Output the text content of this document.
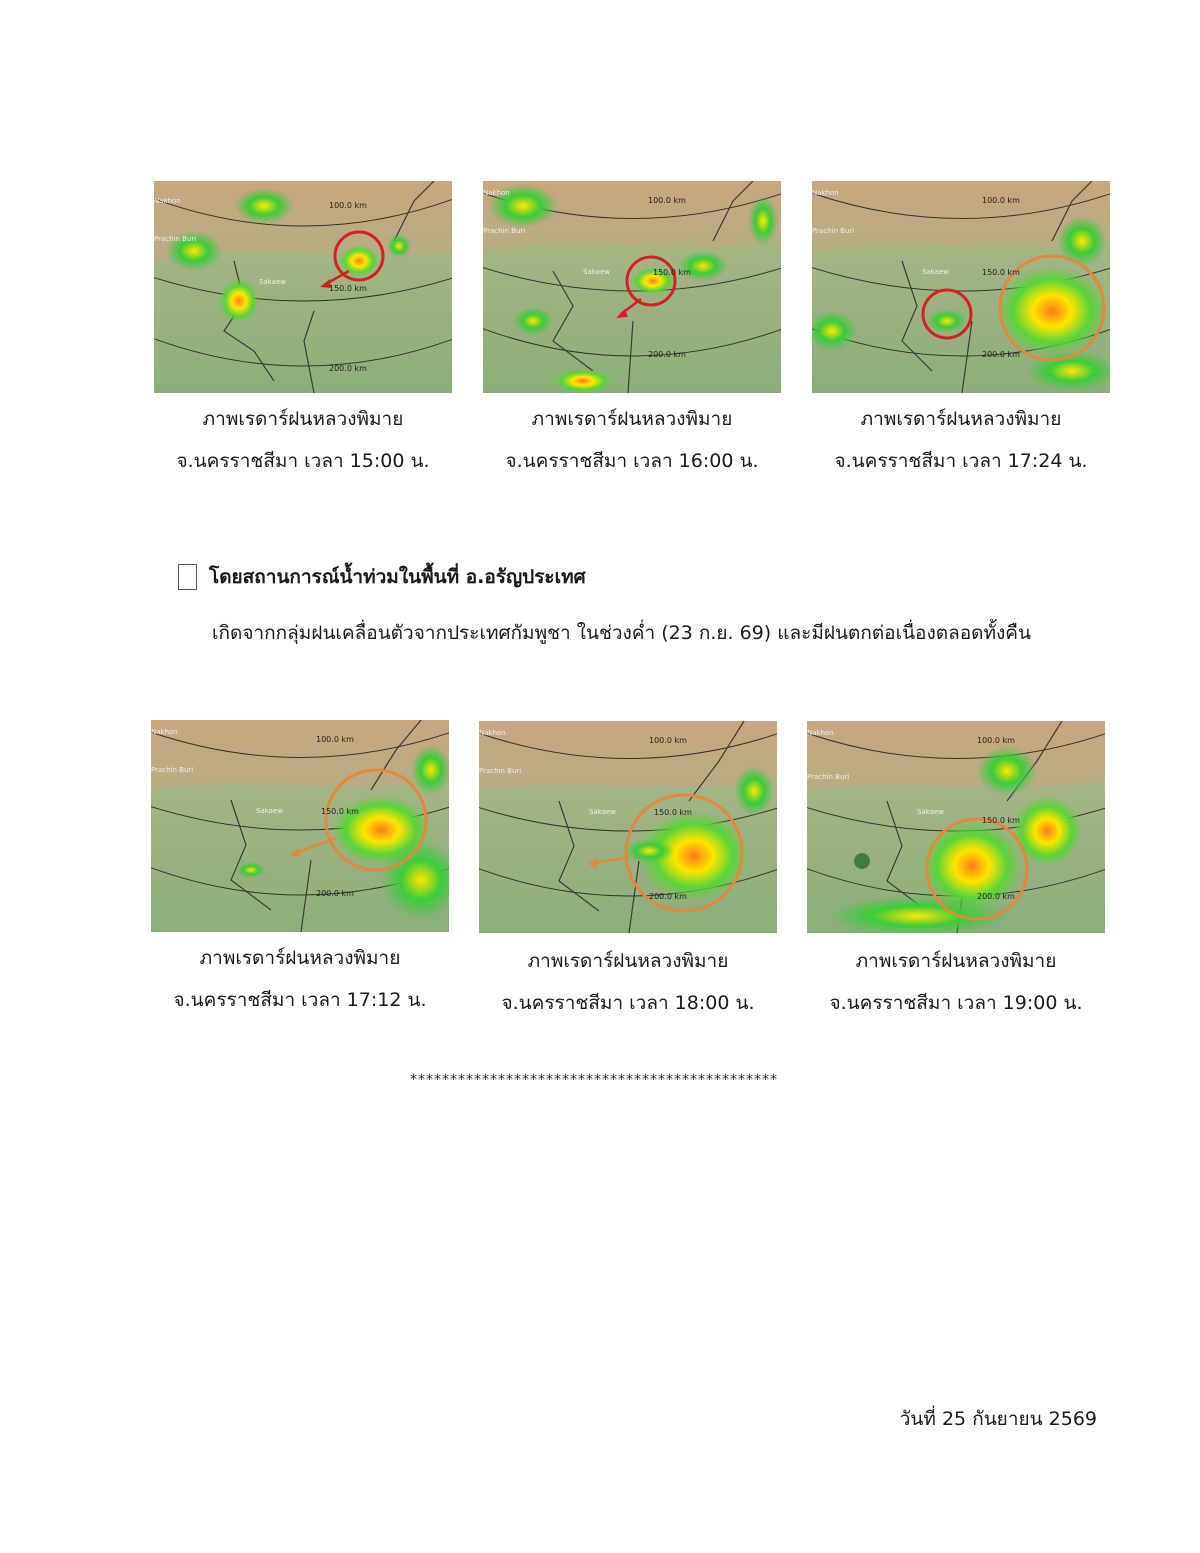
100.0 km
150.0 km
200.0 km
Sakaew
Prachin Buri
Nakhon
ภาพเรดาร์ฝนหลวงพิมาย
จ.นครราชสีมา เวลา 15:00 น.
100.0 km
150.0 km
200.0 km
Sakaew
Prachin Buri
Nakhon
ภาพเรดาร์ฝนหลวงพิมาย
จ.นครราชสีมา เวลา 16:00 น.
100.0 km
150.0 km
200.0 km
Sakaew
Prachin Buri
Nakhon
ภาพเรดาร์ฝนหลวงพิมาย
จ.นครราชสีมา เวลา 17:24 น.
โดยสถานการณ์น้ำท่วมในพื้นที่ อ.อรัญประเทศ
เกิดจากกลุ่มฝนเคลื่อนตัวจากประเทศกัมพูชา ในช่วงค่ำ (23 ก.ย. 69) และมีฝนตกต่อเนื่องตลอดทั้งคืน
100.0 km
150.0 km
200.0 km
Sakaew
Prachin Buri
Nakhon
ภาพเรดาร์ฝนหลวงพิมาย
จ.นครราชสีมา เวลา 17:12 น.
100.0 km
150.0 km
200.0 km
Sakaew
Prachin Buri
Nakhon
ภาพเรดาร์ฝนหลวงพิมาย
จ.นครราชสีมา เวลา 18:00 น.
100.0 km
150.0 km
200.0 km
Sakaew
Prachin Buri
Nakhon
ภาพเรดาร์ฝนหลวงพิมาย
จ.นครราชสีมา เวลา 19:00 น.
**********************************************
วันที่ 25 กันยายน 2569
